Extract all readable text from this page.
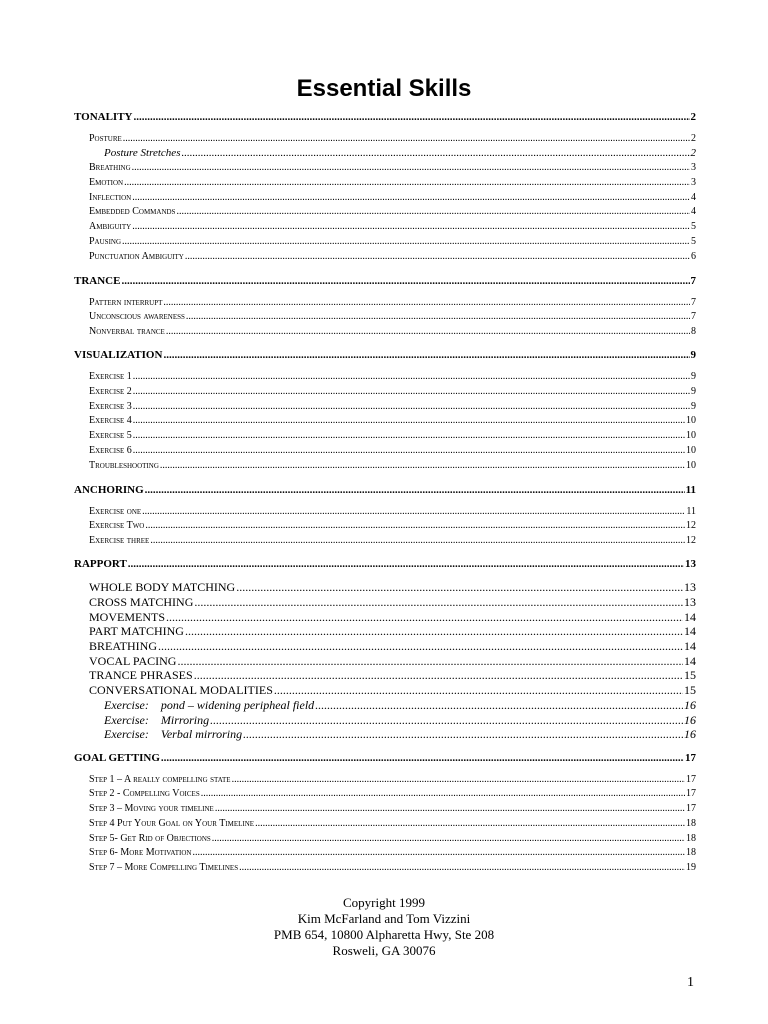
Essential Skills
TONALITY .....	2
Posture .....	2
Posture Stretches .....	2
Breathing .....	3
Emotion .....	3
Inflection .....	4
Embedded Commands .....	4
Ambiguity .....	5
Pausing .....	5
Punctuation Ambiguity .....	6
TRANCE .....	7
Pattern interrupt .....	7
Unconscious awareness .....	7
Nonverbal trance .....	8
VISUALIZATION .....	9
Exercise 1 .....	9
Exercise 2 .....	9
Exercise 3 .....	9
Exercise 4 .....	10
Exercise 5 .....	10
Exercise 6 .....	10
Troubleshooting .....	10
ANCHORING .....	11
Exercise one .....	11
Exercise Two .....	12
Exercise three .....	12
RAPPORT .....	13
WHOLE BODY MATCHING .....	13
CROSS MATCHING .....	13
MOVEMENTS .....	14
PART MATCHING .....	14
BREATHING .....	14
VOCAL PACING .....	14
TRANCE PHRASES .....	15
CONVERSATIONAL MODALITIES .....	15
Exercise:    pond – widening peripheal field .....	16
Exercise:    Mirroring .....	16
Exercise:    Verbal mirroring .....	16
GOAL GETTING .....	17
Step 1 – A really compelling state .....	17
Step 2 - Compelling Voices .....	17
Step 3 – Moving your timeline .....	17
Step 4 Put Your Goal on Your Timeline .....	18
Step 5- Get Rid of Objections .....	18
Step 6- More Motivation .....	18
Step 7 – More Compelling Timelines .....	19
Copyright 1999
Kim McFarland and Tom Vizzini
PMB 654, 10800 Alpharetta Hwy, Ste 208
Rosweli, GA 30076
1
